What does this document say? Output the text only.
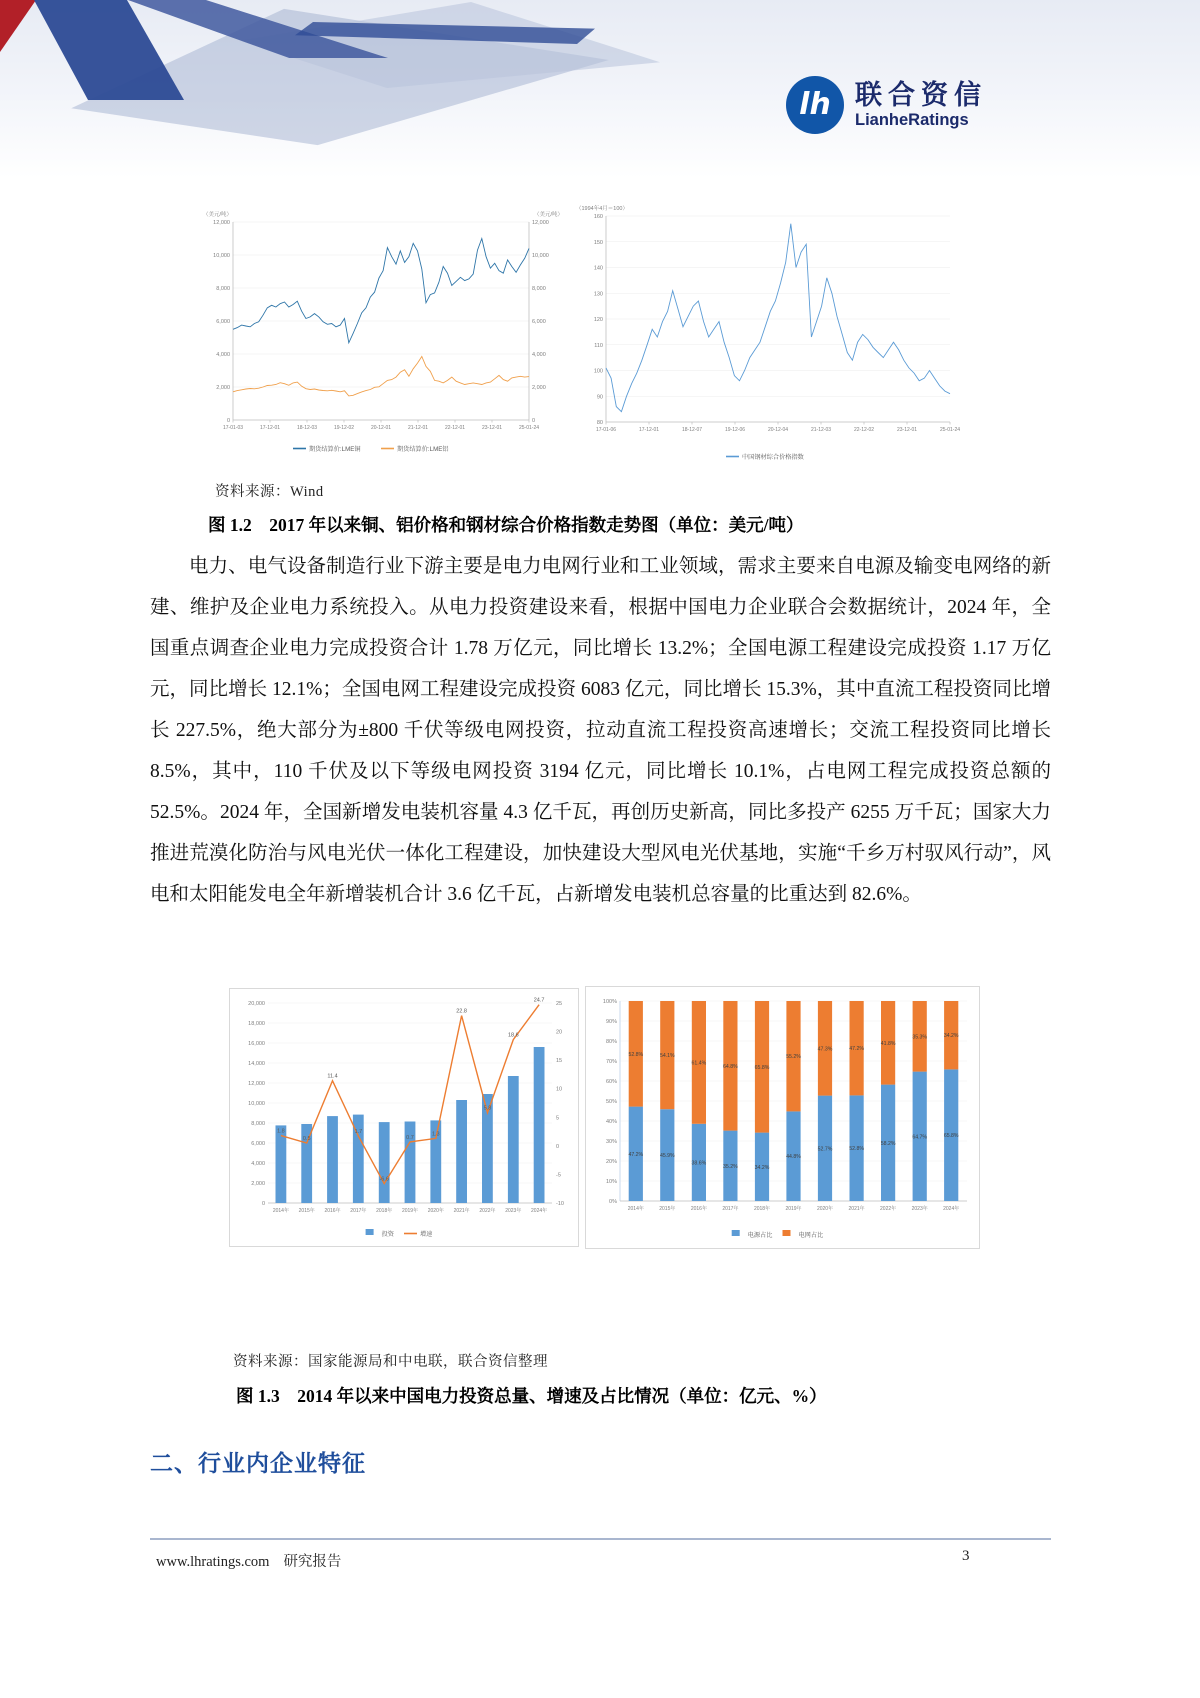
lh 联合资信
LianheRatings
0	0
2,000	2,000
4,000	4,000
6,000	6,000
8,000	8,000
10,000	10,000
12,000	12,000
17-01-03	17-12-01	18-12-03	19-12-02	20-12-01	21-12-01	22-12-01	23-12-01	25-01-24
（美元/吨）	（美元/吨）
期货结算价:LME铜	期货结算价:LME铝
80
90
100
110
120
130
140
150
160
17-01-06	17-12-01	18-12-07	19-12-06	20-12-04	21-12-03	22-12-02	23-12-01	25-01-24
（1994年4月＝100）
中国钢材综合价格指数
资料来源：Wind
图 1.2　2017 年以来铜、铝价格和钢材综合价格指数走势图（单位：美元/吨）
电力、电气设备制造行业下游主要是电力电网行业和工业领域，需求主要来自电源及输变电网络的新建、维护及企业电力系统投入。从电力投资建设来看，根据中国电力企业联合会数据统计，2024 年，全国重点调查企业电力完成投资合计 1.78 万亿元，同比增长 13.2%；全国电源工程建设完成投资 1.17 万亿元，同比增长 12.1%；全国电网工程建设完成投资 6083 亿元，同比增长 15.3%，其中直流工程投资同比增长 227.5%，绝大部分为±800 千伏等级电网投资，拉动直流工程投资高速增长；交流工程投资同比增长 8.5%，其中，110 千伏及以下等级电网投资 3194 亿元，同比增长 10.1%，占电网工程完成投资总额的 52.5%。2024 年，全国新增发电装机容量 4.3 亿千瓦，再创历史新高，同比多投产 6255 万千瓦；国家大力推进荒漠化防治与风电光伏一体化工程建设，加快建设大型风电光伏基地，实施“千乡万村驭风行动”，风电和太阳能发电全年新增装机合计 3.6 亿千瓦，占新增发电装机总容量的比重达到 82.6%。
0
2,000
4,000
6,000
8,000
10,000
12,000
14,000
16,000
18,000
20,000
-10
-5
0
5
10
15
20
25
2014年 2015年 2016年 2017年 2018年 2019年 2020年 2021年 2022年 2023年 2024年
1.8
0.5
11.4
1.7
-6.6
0.7
1.3
22.8
5.8
18.6
24.7
投资	增速
0%
10%
20%
30%
40%
50%
60%
70%
80%
90%
100%
47.2%
52.8%
2014年
45.9%
54.1%
2015年
38.6%
61.4%
2016年
35.2%
64.8%
2017年
34.2%
65.8%
2018年
44.8%
55.2%
2019年
52.7%
47.3%
2020年
52.8%
47.2%
2021年
58.2%
41.8%
2022年
64.7%
35.3%
2023年
65.8%
34.2%
2024年
电源占比	电网占比
资料来源：国家能源局和中电联，联合资信整理
图 1.3　2014 年以来中国电力投资总量、增速及占比情况（单位：亿元、%）
二、行业内企业特征
www.lhratings.com 研究报告	3
